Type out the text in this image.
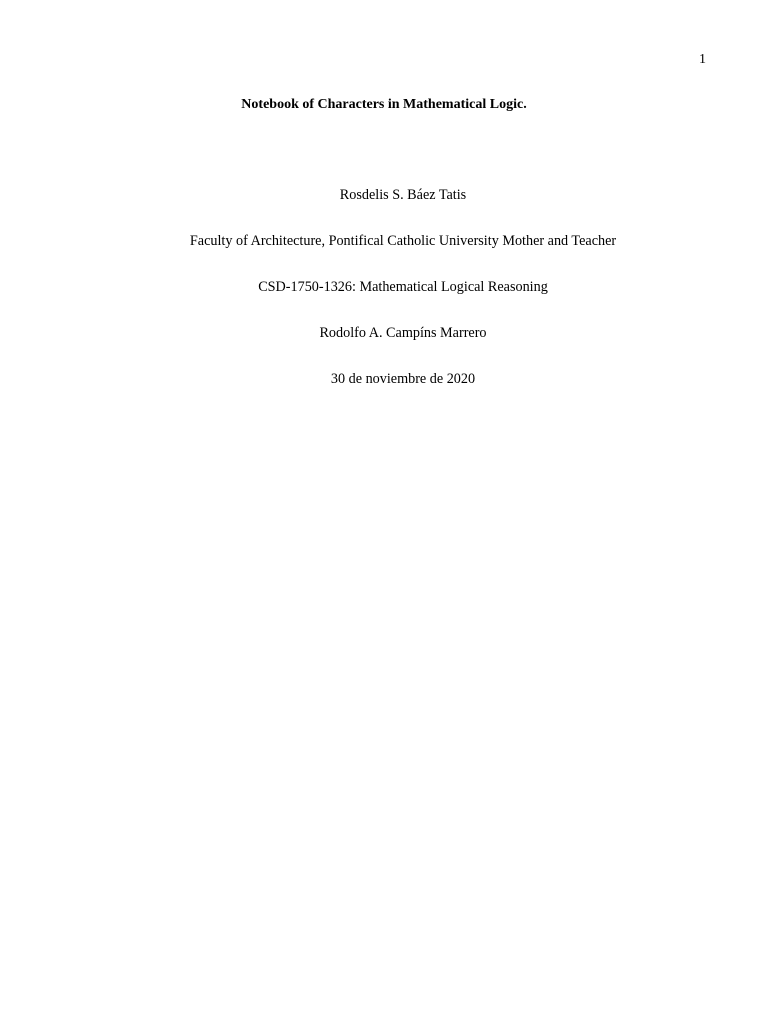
1
Notebook of Characters in Mathematical Logic.
Rosdelis S. Báez Tatis
Faculty of Architecture, Pontifical Catholic University Mother and Teacher
CSD-1750-1326: Mathematical Logical Reasoning
Rodolfo A. Campíns Marrero
30 de noviembre de 2020
